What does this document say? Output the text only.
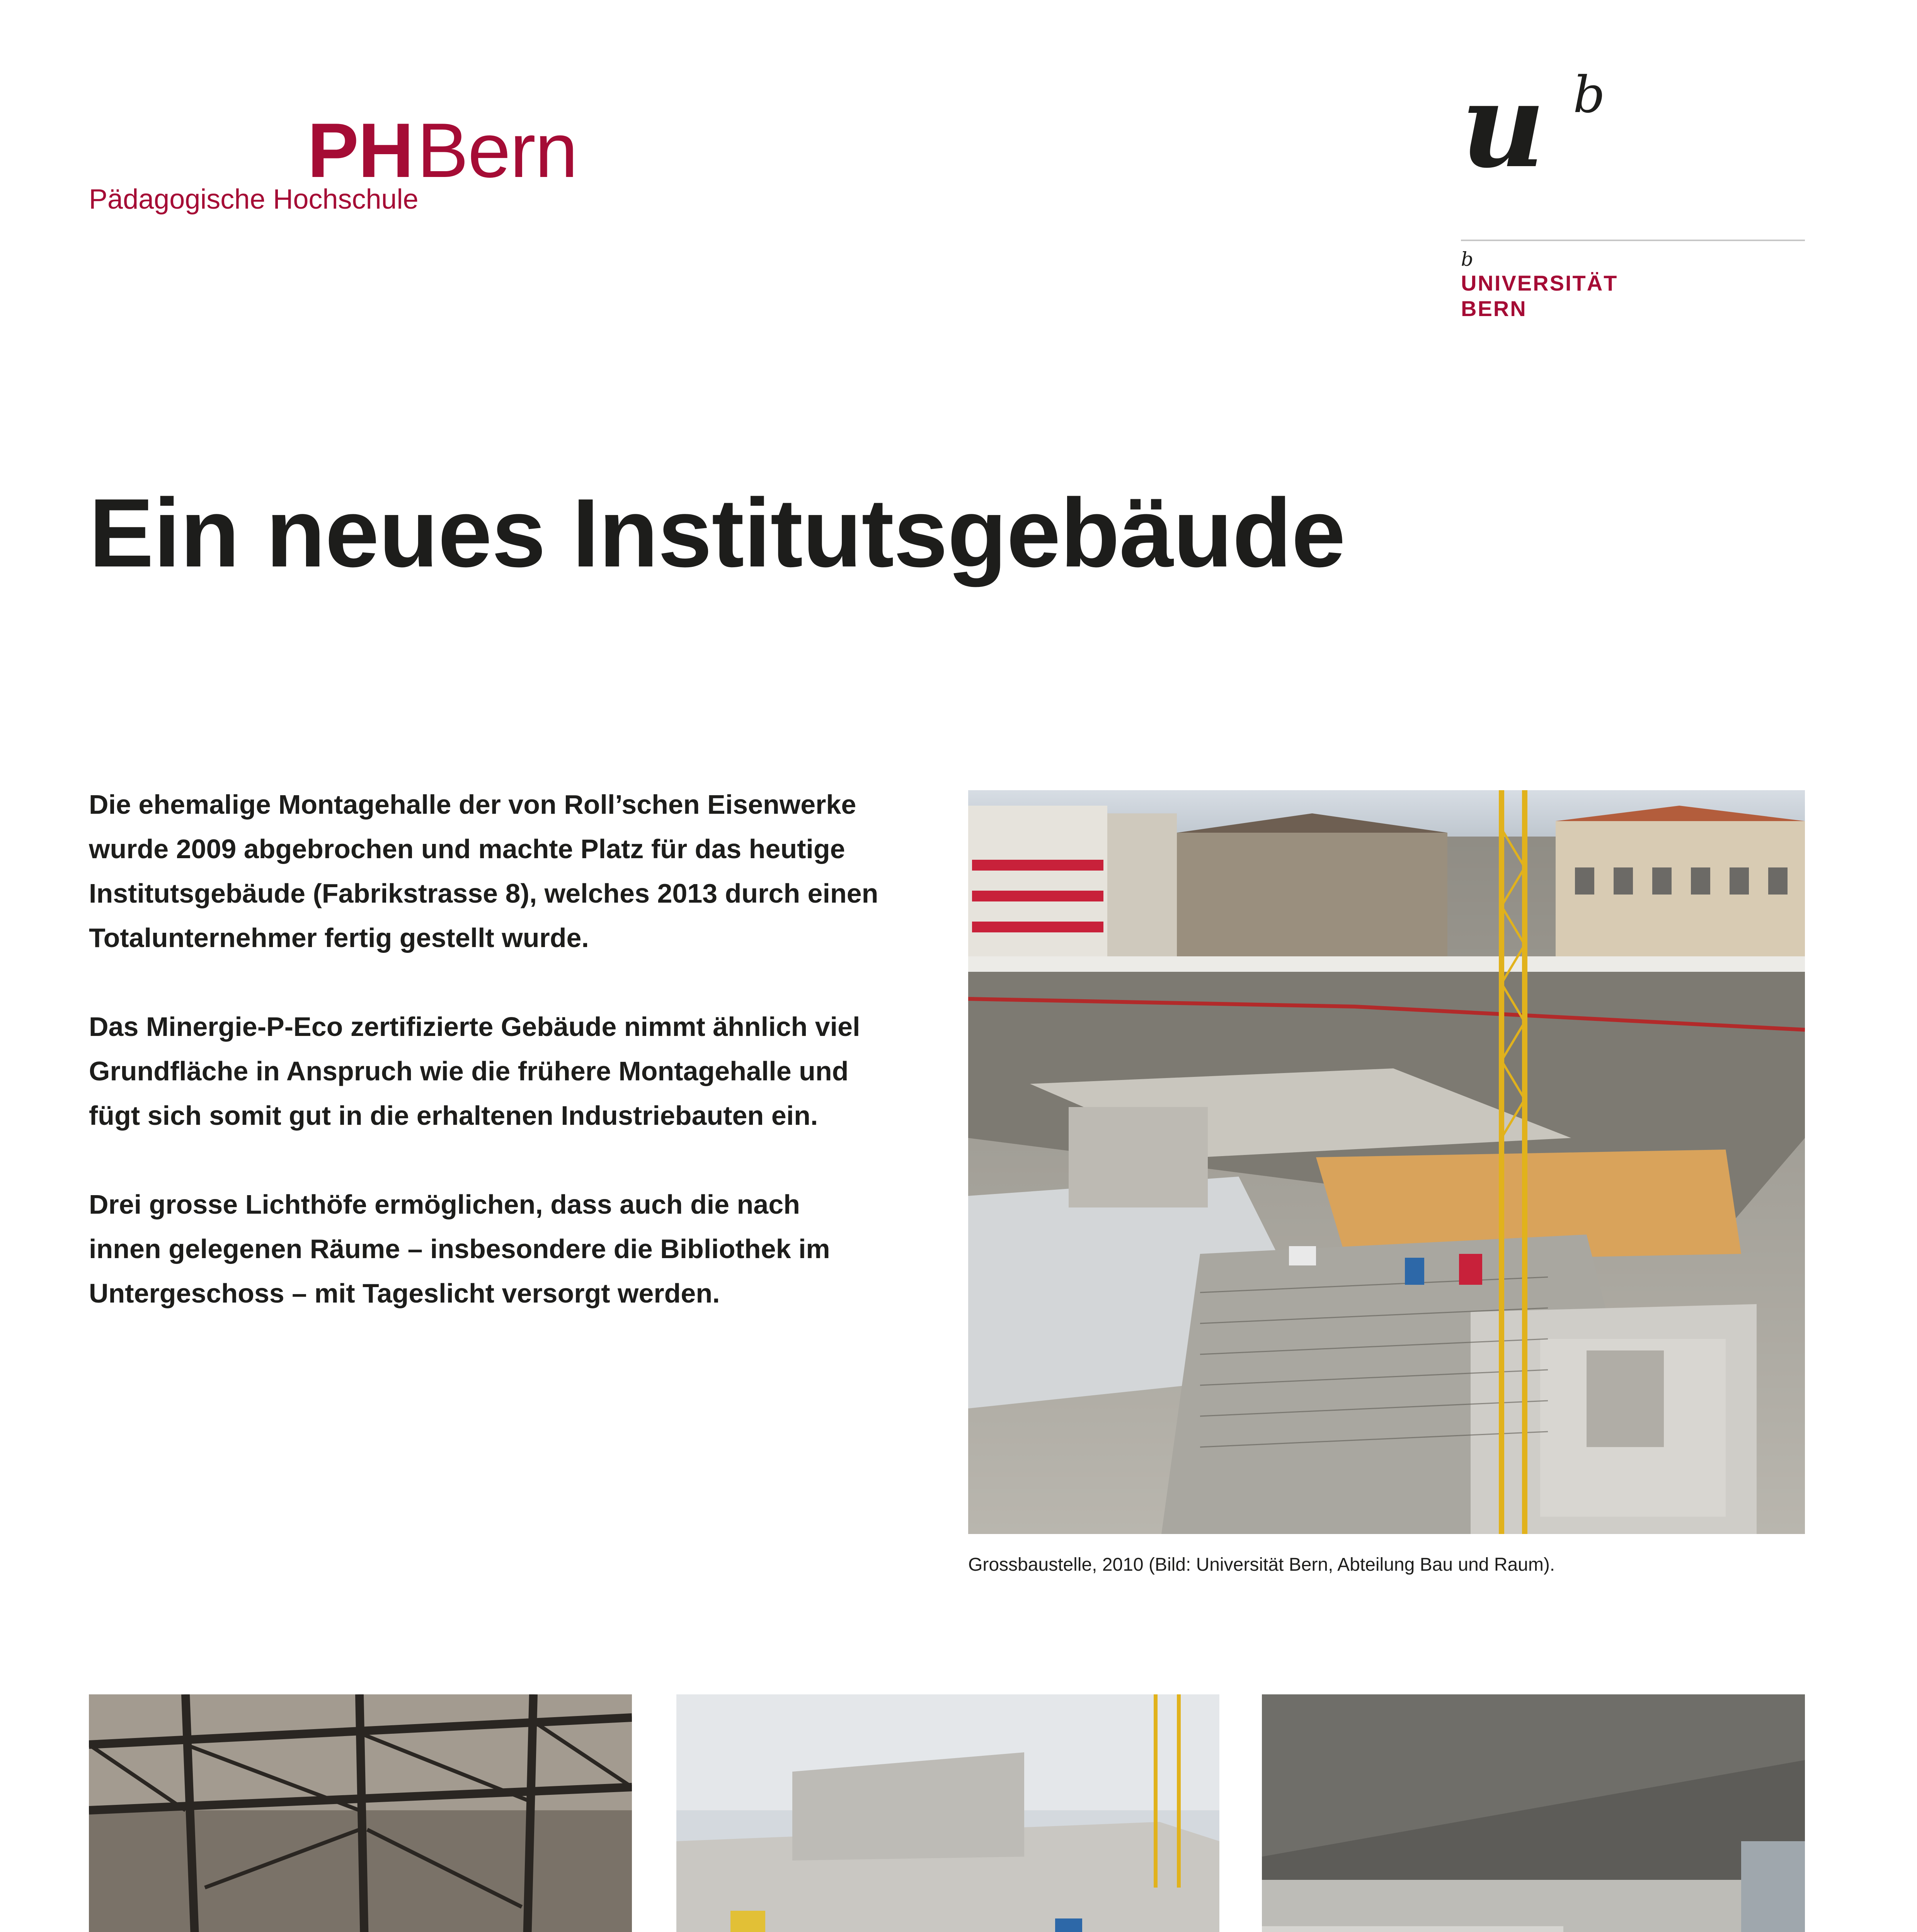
PHBern
Pädagogische Hochschule
u b
b
UNIVERSITÄT
BERN
Ein neues Institutsgebäude

Die ehemalige Montagehalle der von Roll’schen Eisenwerke
wurde 2009 abgebrochen und machte Platz für das heutige
Institutsgebäude (Fabrikstrasse 8), welches 2013 durch einen
Totalunternehmer fertig gestellt wurde.

Das Minergie-P-Eco zertifizierte Gebäude nimmt ähnlich viel
Grundfläche in Anspruch wie die frühere Montagehalle und
fügt sich somit gut in die erhaltenen Industriebauten ein.

Drei grosse Lichthöfe ermöglichen, dass auch die nach
innen gelegenen Räume – insbesondere die Bibliothek im
Untergeschoss – mit Tageslicht versorgt werden.

Grossbaustelle, 2010 (Bild: Universität Bern, Abteilung Bau und Raum).
